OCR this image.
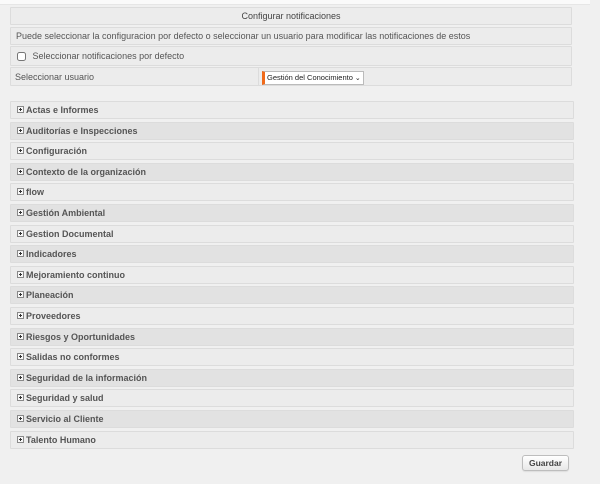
Configurar notificaciones
Puede seleccionar la configuracion por defecto o seleccionar un usuario para modificar las notificaciones de estos
Seleccionar notificaciones por defecto
Seleccionar usuario	Gestión del Conocimiento ⌄
Actas e Informes
Auditorías e Inspecciones
Configuración
Contexto de la organización
flow
Gestión Ambiental
Gestion Documental
Indicadores
Mejoramiento continuo
Planeación
Proveedores
Riesgos y Oportunidades
Salidas no conformes
Seguridad de la información
Seguridad y salud
Servicio al Cliente
Talento Humano
Guardar
